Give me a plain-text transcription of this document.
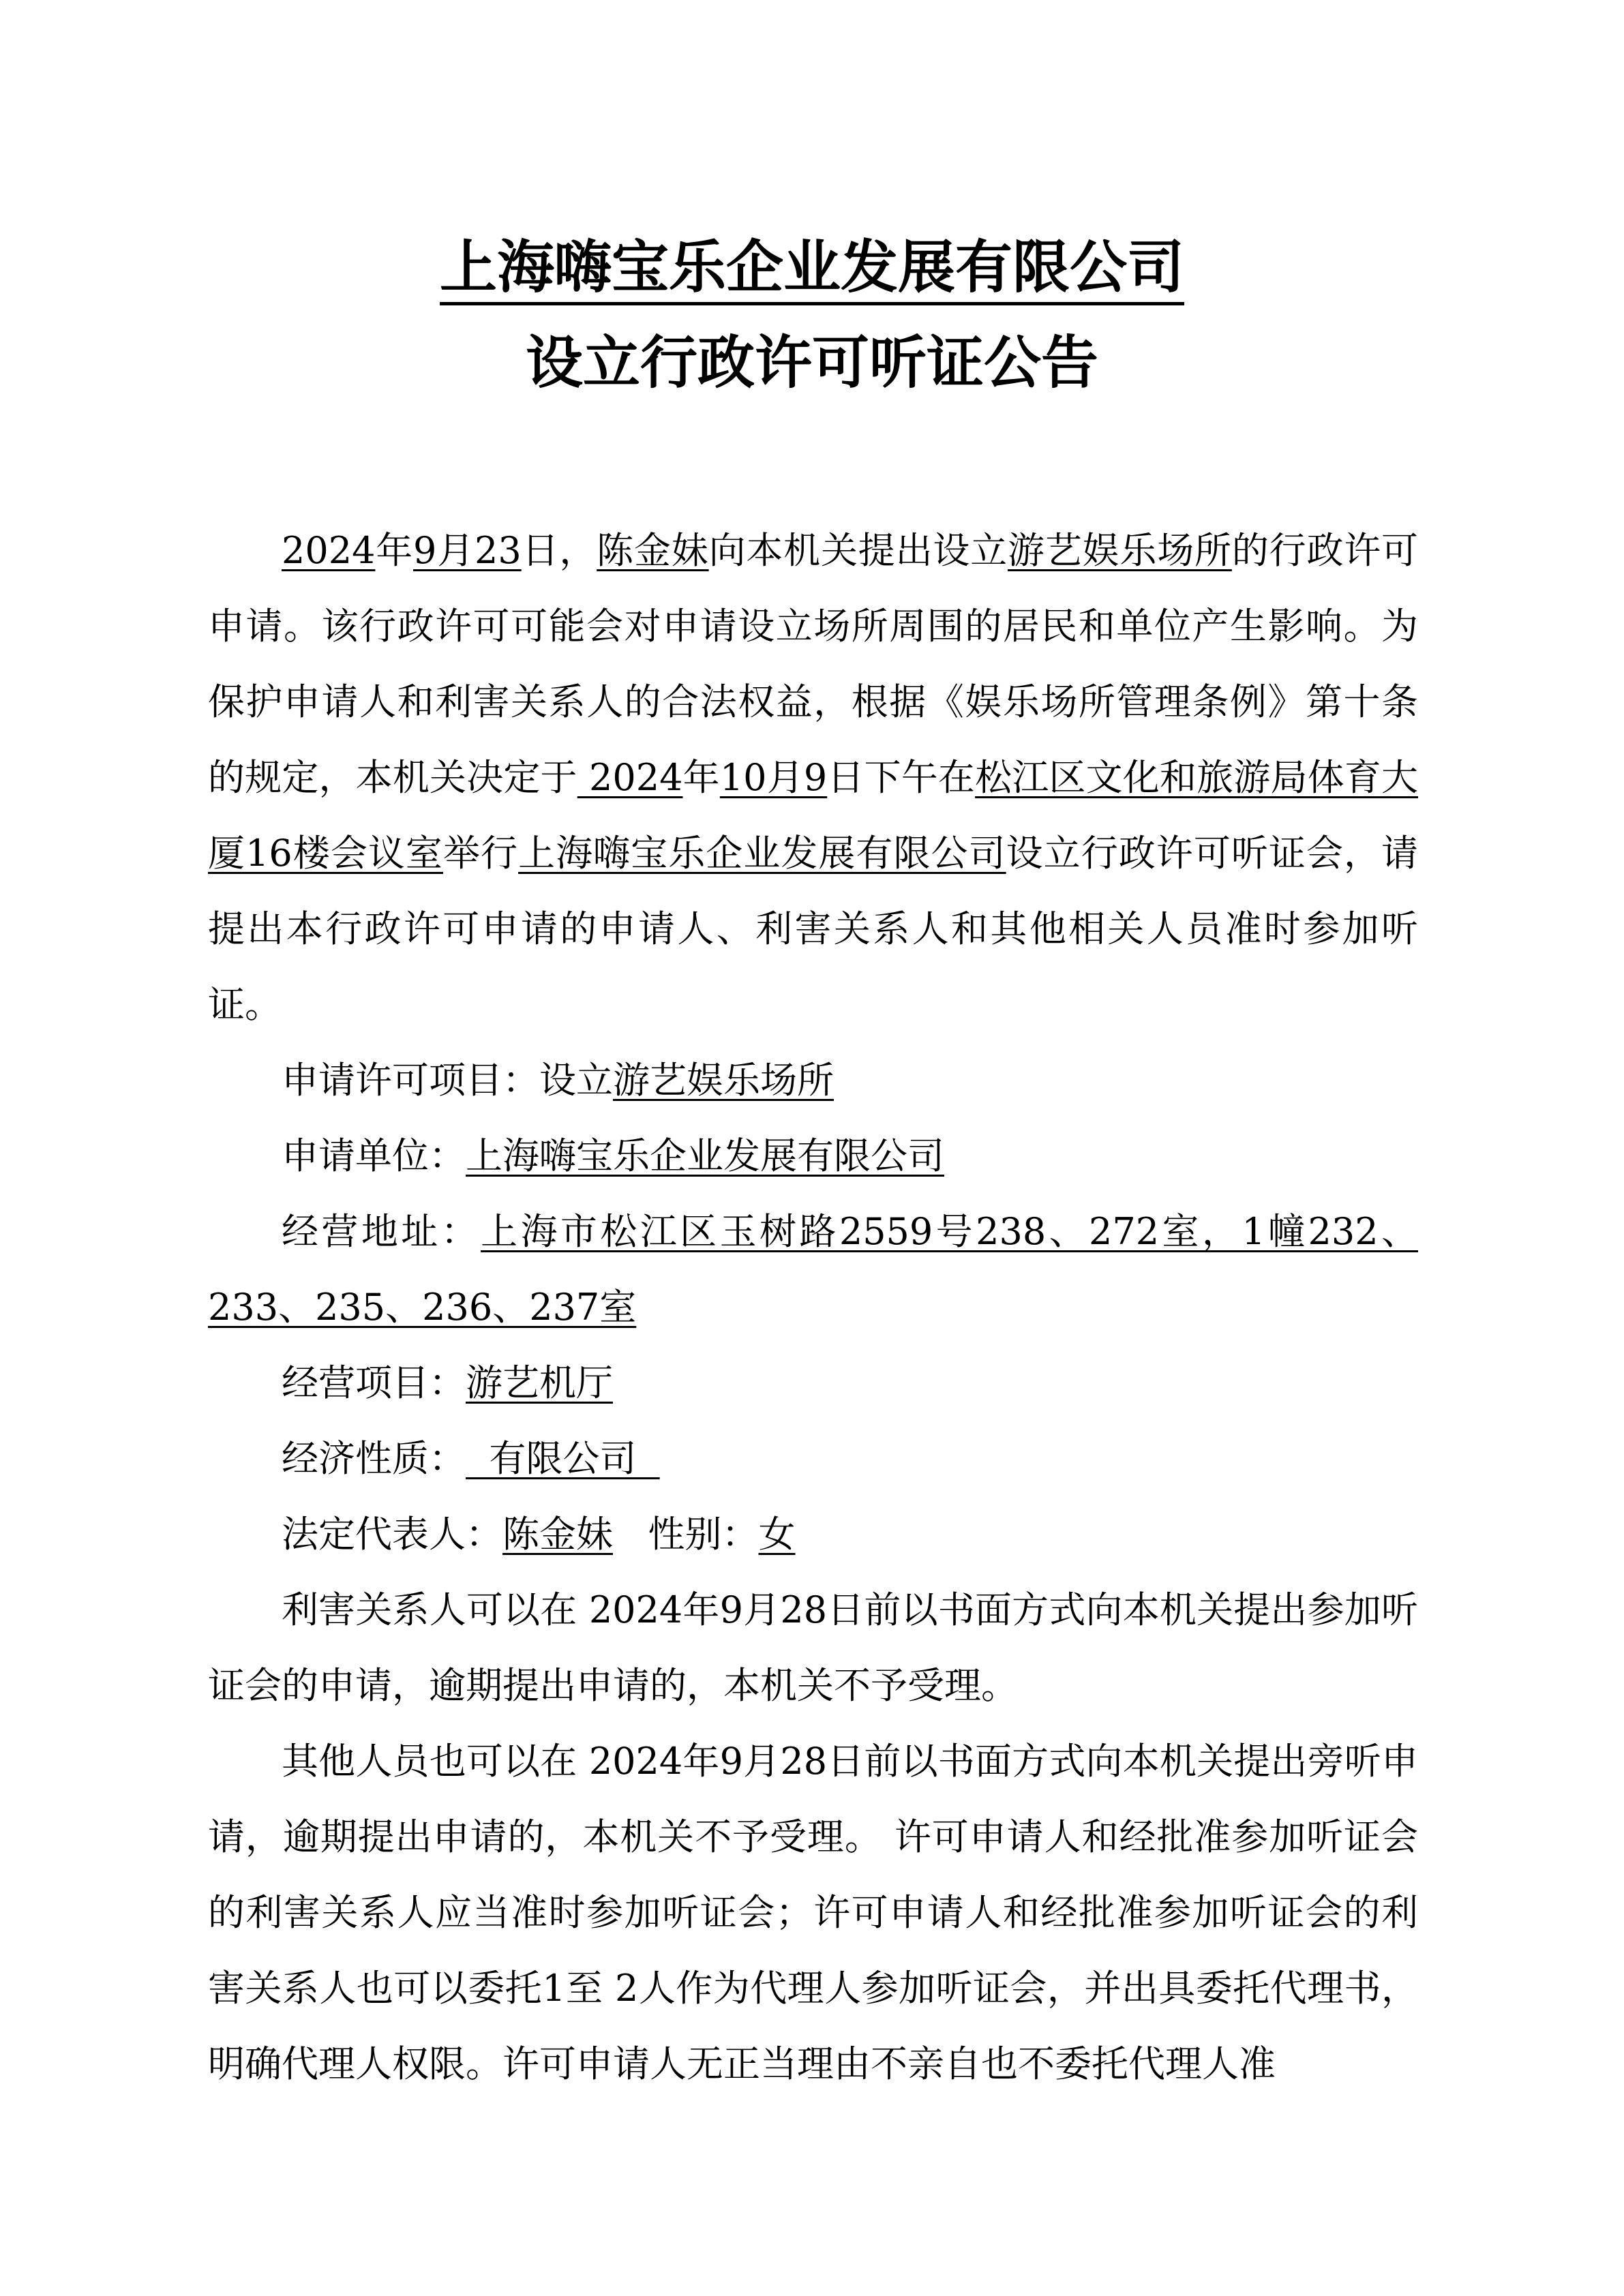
上海嗨宝乐企业发展有限公司
设立行政许可听证公告

2024年9月23日，陈金妹向本机关提出设立游艺娱乐场所的行政许可申请。该行政许可可能会对申请设立场所周围的居民和单位产生影响。为保护申请人和利害关系人的合法权益，根据《娱乐场所管理条例》第十条的规定，本机关决定于 2024年10月9日下午在松江区文化和旅游局体育大厦16楼会议室举行上海嗨宝乐企业发展有限公司设立行政许可听证会，请提出本行政许可申请的申请人、利害关系人和其他相关人员准时参加听证。

申请许可项目：设立游艺娱乐场所

申请单位：上海嗨宝乐企业发展有限公司

经营地址：上海市松江区玉树路2559号238、272室，1幢232、233、235、236、237室

经营项目：游艺机厅

经济性质：  有限公司

法定代表人：陈金妹   性别：女

利害关系人可以在 2024年9月28日前以书面方式向本机关提出参加听证会的申请，逾期提出申请的，本机关不予受理。

其他人员也可以在 2024年9月28日前以书面方式向本机关提出旁听申请，逾期提出申请的，本机关不予受理。 许可申请人和经批准参加听证会的利害关系人应当准时参加听证会；许可申请人和经批准参加听证会的利害关系人也可以委托1至 2人作为代理人参加听证会，并出具委托代理书，明确代理人权限。许可申请人无正当理由不亲自也不委托代理人准
